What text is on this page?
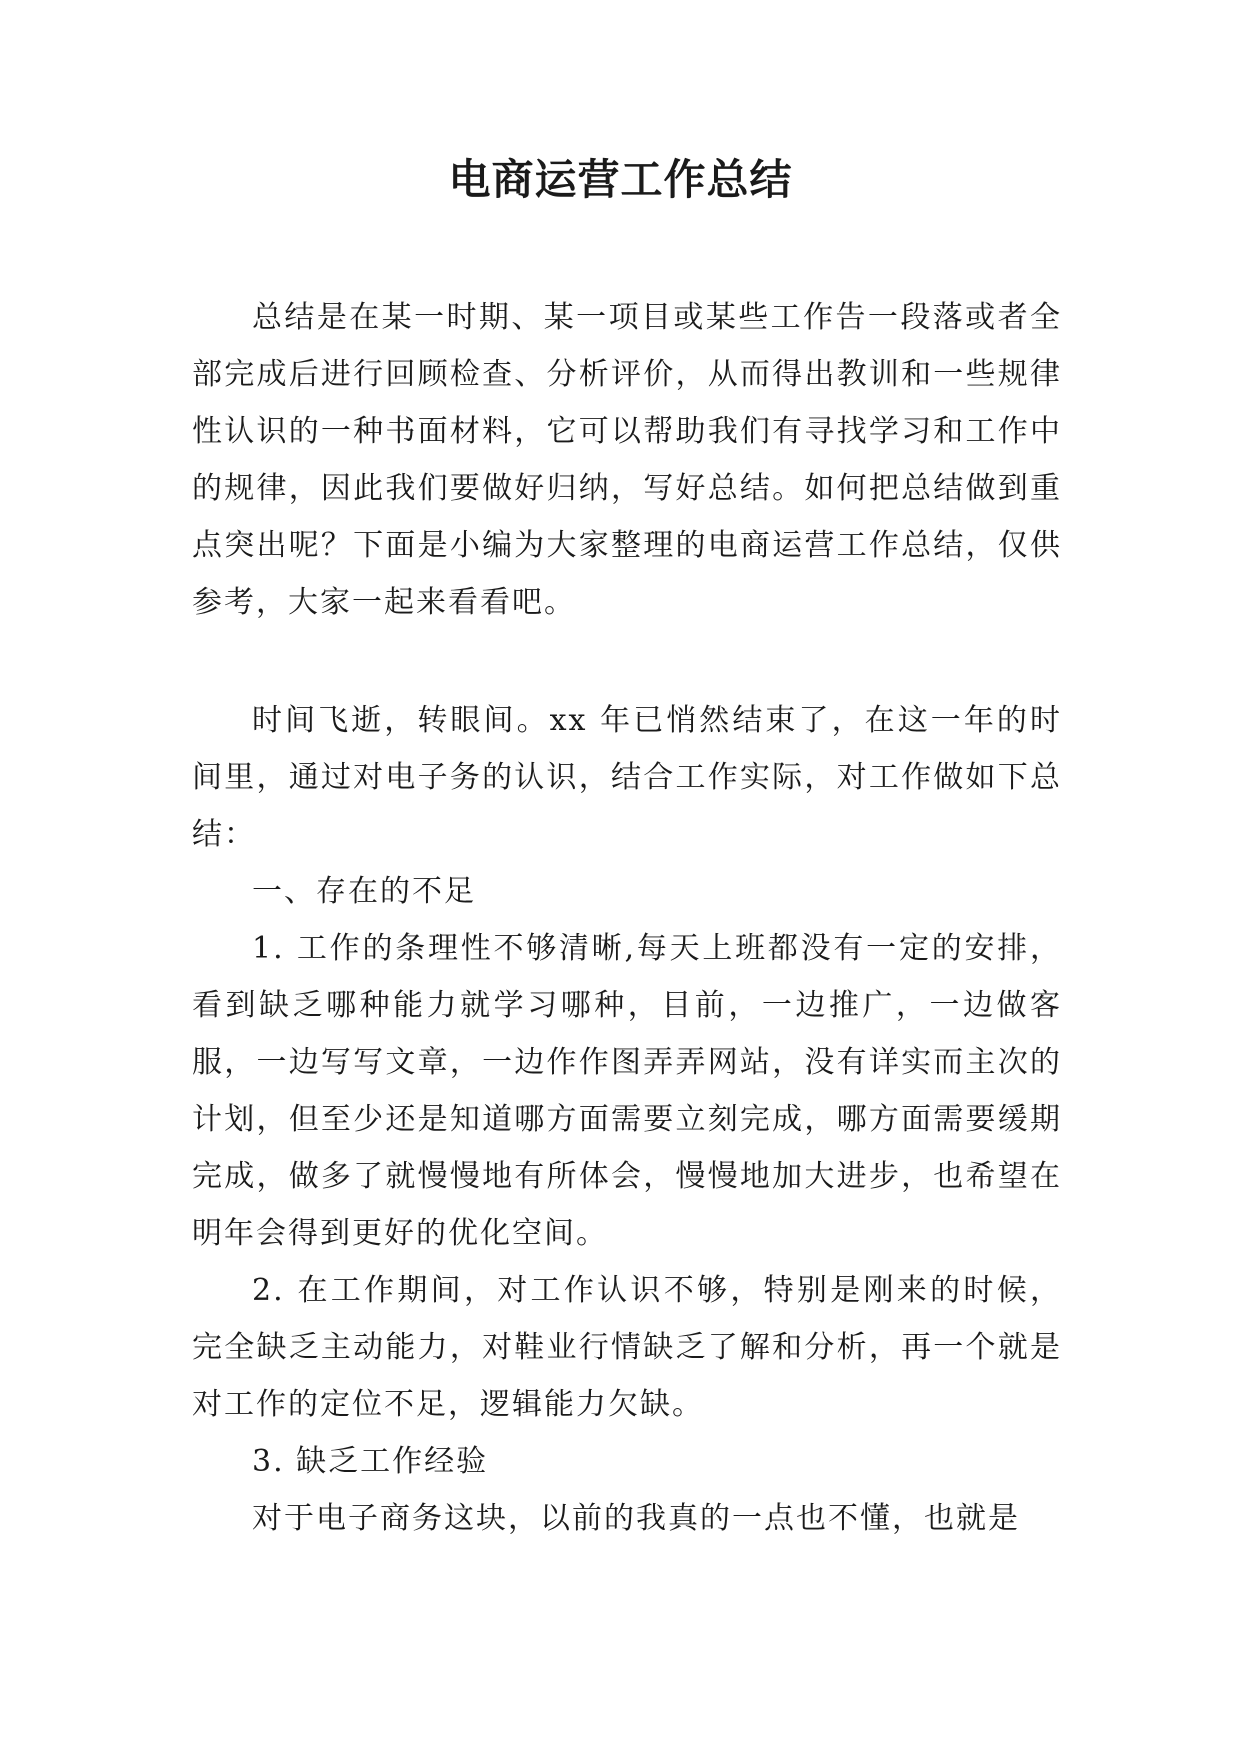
电商运营工作总结

总结是在某一时期、某一项目或某些工作告一段落或者全部完成后进行回顾检查、分析评价，从而得出教训和一些规律性认识的一种书面材料，它可以帮助我们有寻找学习和工作中的规律，因此我们要做好归纳，写好总结。如何把总结做到重点突出呢？下面是小编为大家整理的电商运营工作总结，仅供参考，大家一起来看看吧。

时间飞逝，转眼间。xx 年已悄然结束了，在这一年的时间里，通过对电子务的认识，结合工作实际，对工作做如下总结：

一、存在的不足

1. 工作的条理性不够清晰,每天上班都没有一定的安排，看到缺乏哪种能力就学习哪种，目前，一边推广，一边做客服，一边写写文章，一边作作图弄弄网站，没有详实而主次的计划，但至少还是知道哪方面需要立刻完成，哪方面需要缓期完成，做多了就慢慢地有所体会，慢慢地加大进步，也希望在明年会得到更好的优化空间。

2. 在工作期间，对工作认识不够，特别是刚来的时候，完全缺乏主动能力，对鞋业行情缺乏了解和分析，再一个就是对工作的定位不足，逻辑能力欠缺。

3. 缺乏工作经验

对于电子商务这块，以前的我真的一点也不懂，也就是
